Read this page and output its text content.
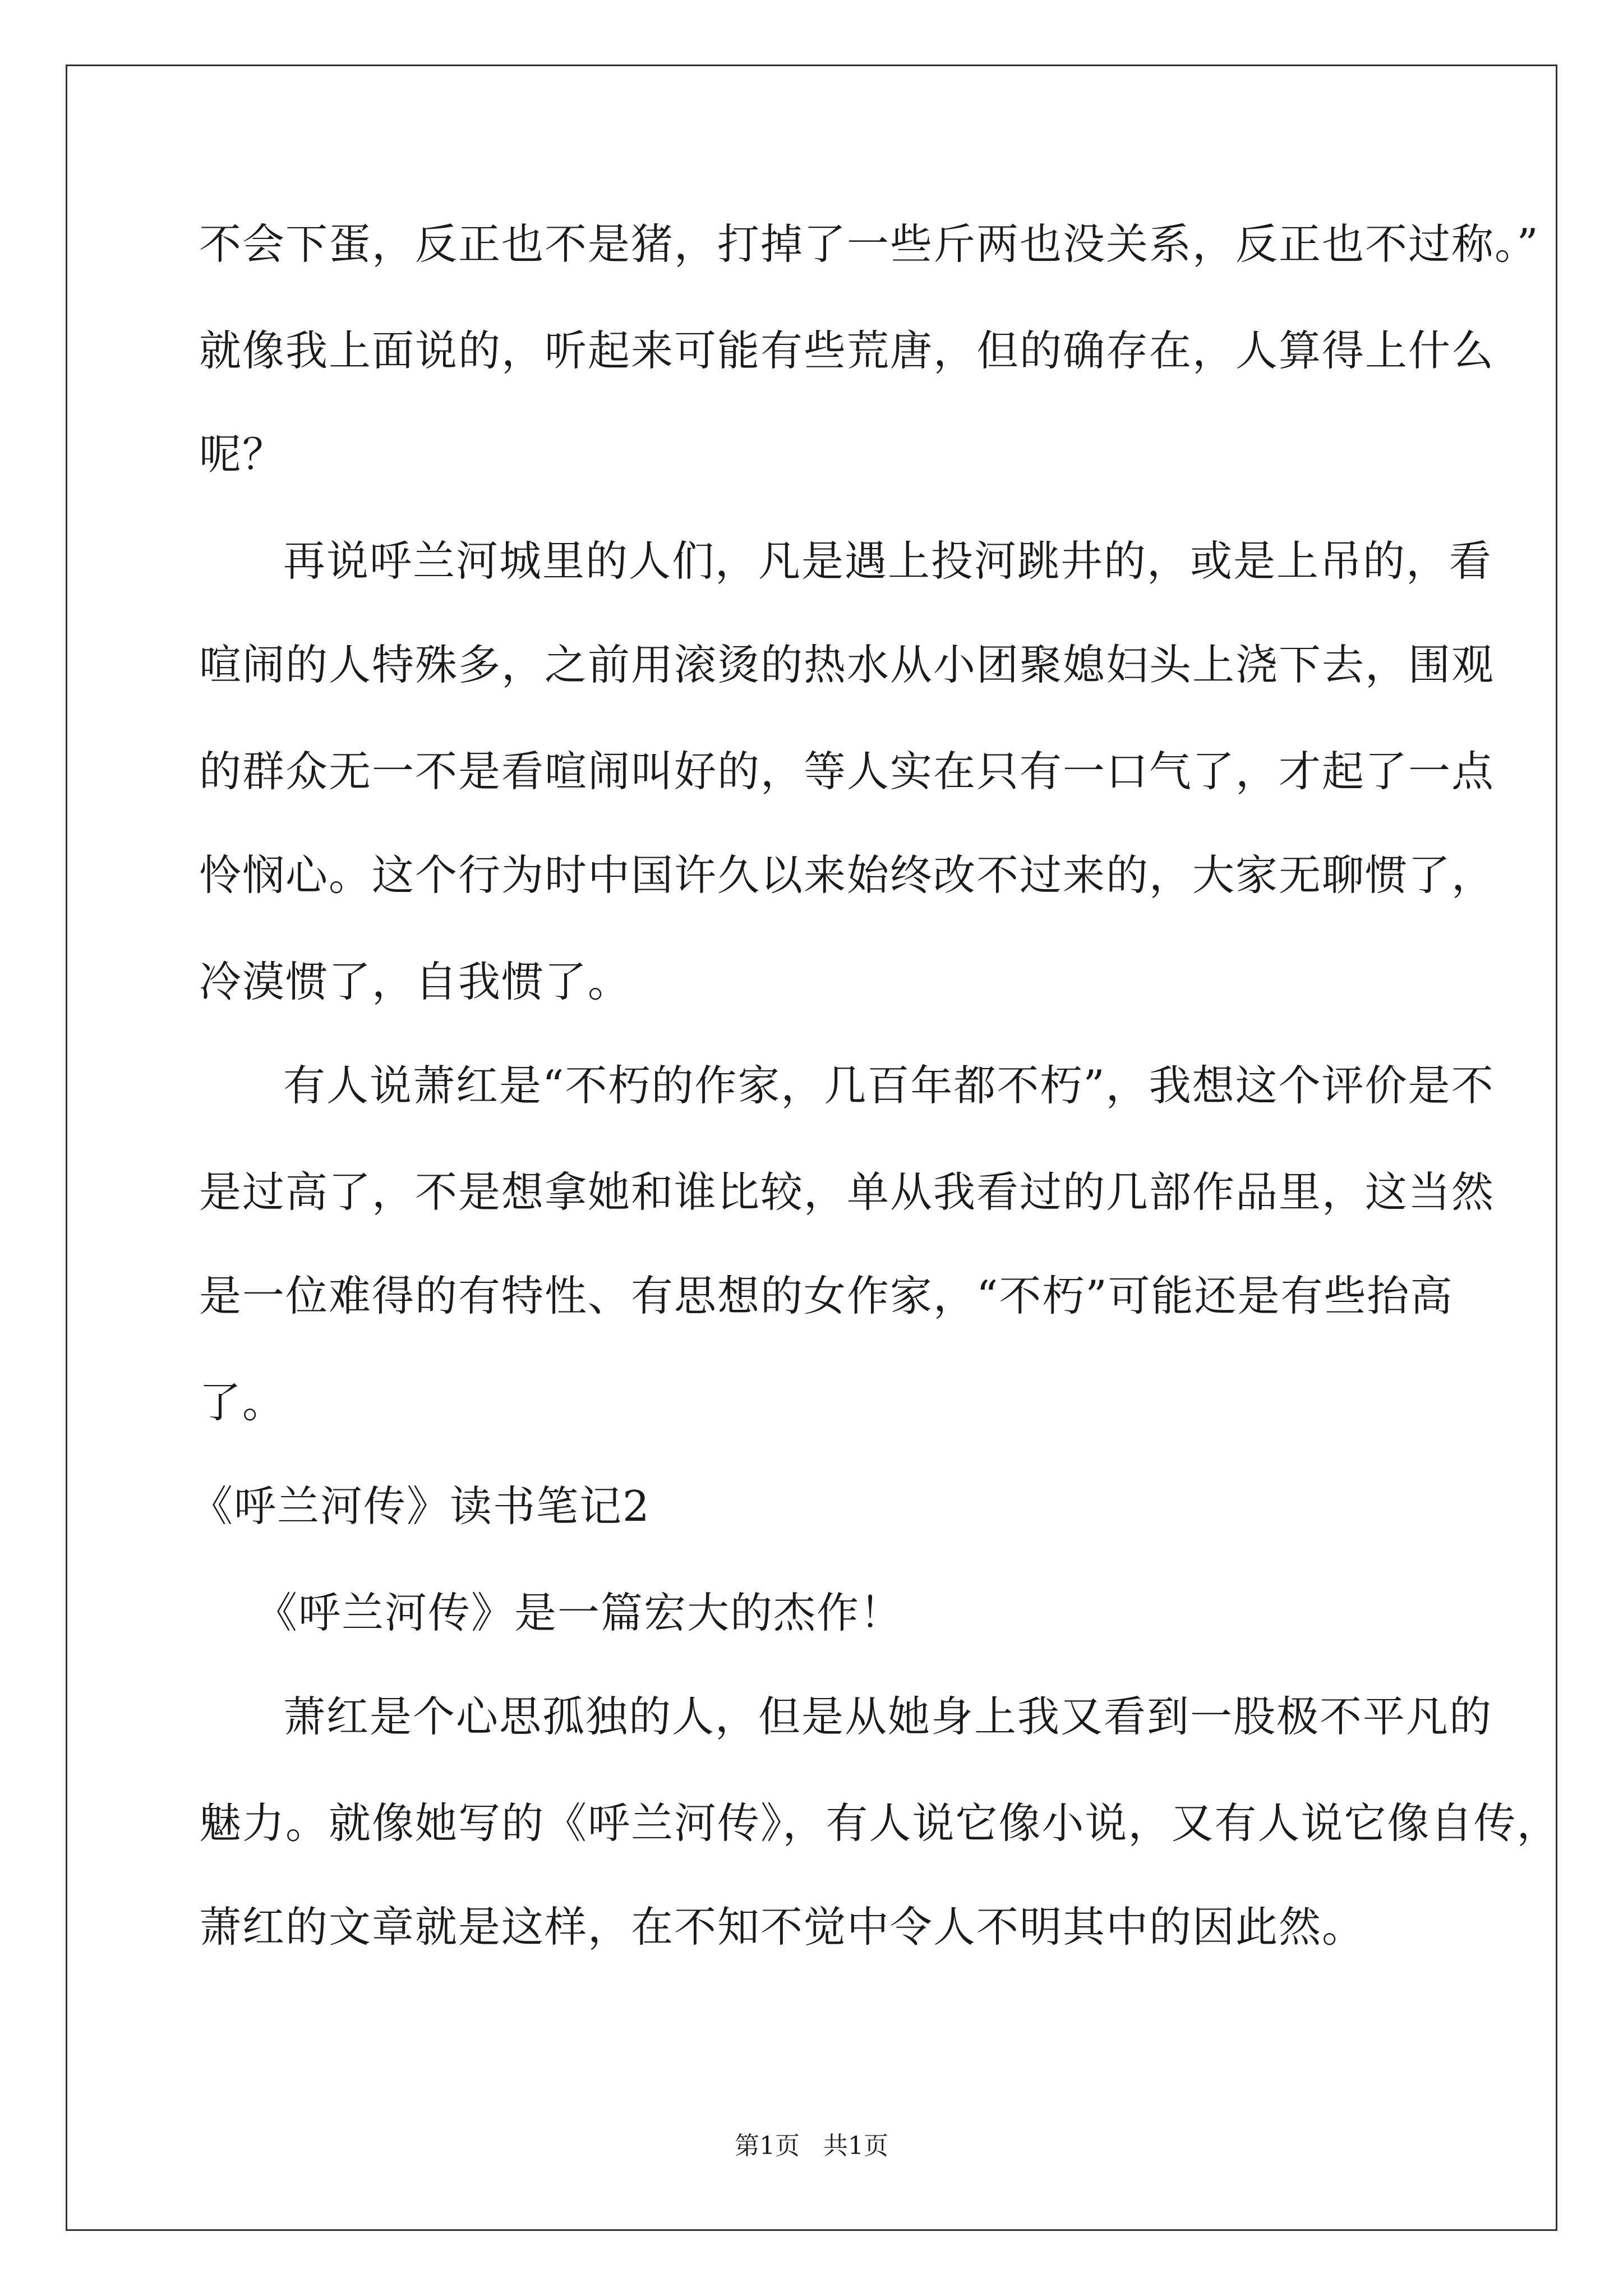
不会下蛋，反正也不是猪，打掉了一些斤两也没关系，反正也不过称。”
就像我上面说的，听起来可能有些荒唐，但的确存在，人算得上什么
呢？
再说呼兰河城里的人们，凡是遇上投河跳井的，或是上吊的，看
喧闹的人特殊多，之前用滚烫的热水从小团聚媳妇头上浇下去，围观
的群众无一不是看喧闹叫好的，等人实在只有一口气了，才起了一点
怜悯心。这个行为时中国许久以来始终改不过来的，大家无聊惯了，
冷漠惯了，自我惯了。
有人说萧红是“不朽的作家，几百年都不朽”，我想这个评价是不
是过高了，不是想拿她和谁比较，单从我看过的几部作品里，这当然
是一位难得的有特性、有思想的女作家，“不朽”可能还是有些抬高
了。
《呼兰河传》读书笔记2
《呼兰河传》是一篇宏大的杰作！
萧红是个心思孤独的人，但是从她身上我又看到一股极不平凡的
魅力。就像她写的《呼兰河传》，有人说它像小说，又有人说它像自传，
萧红的文章就是这样，在不知不觉中令人不明其中的因此然。
第1页   共1页
